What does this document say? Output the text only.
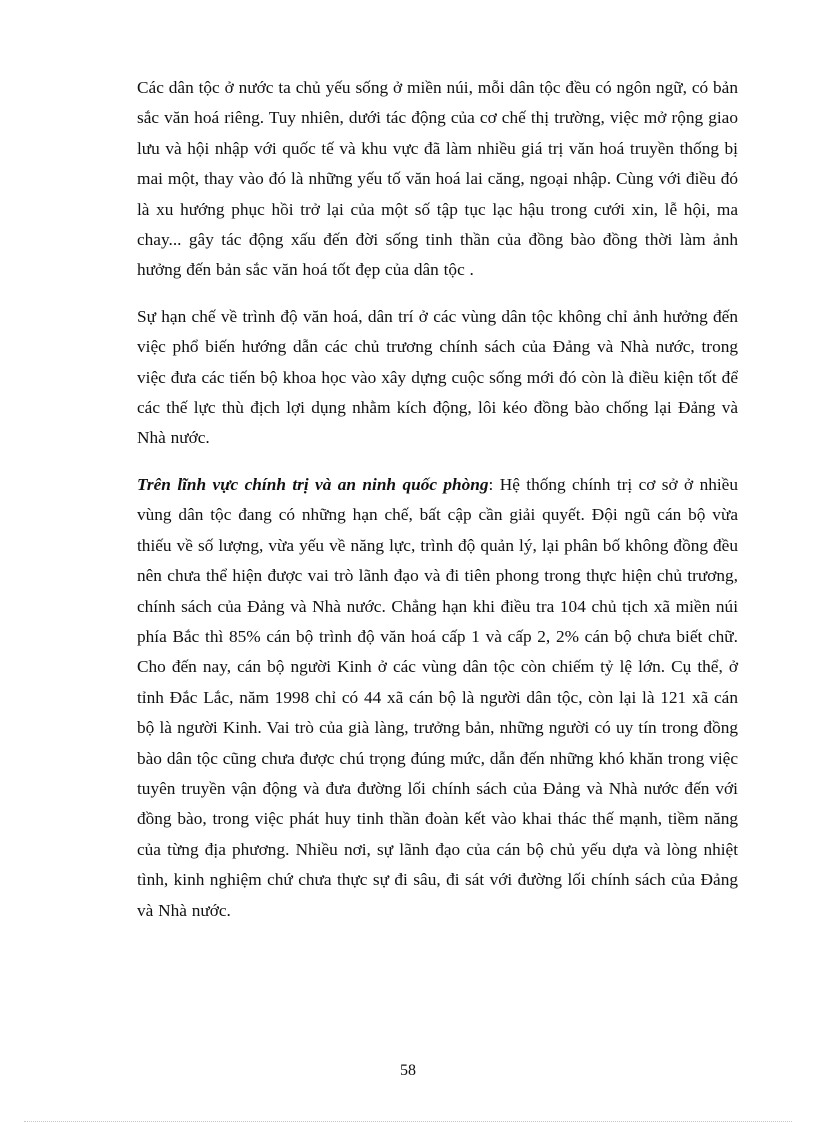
Các dân tộc ở nước ta chủ yếu sống ở miền núi, mỗi dân tộc đều có ngôn ngữ, có bản sắc văn hoá riêng. Tuy nhiên, dưới tác động của cơ chế thị trường, việc mở rộng giao lưu và hội nhập với quốc tế và khu vực đã làm nhiều giá trị văn hoá truyền thống bị mai một, thay vào đó là những yếu tố văn hoá lai căng, ngoại nhập. Cùng với điều đó là xu hướng phục hồi trở lại của một số tập tục lạc hậu trong cưới xin, lễ hội, ma chay... gây tác động xấu đến đời sống tinh thần của đồng bào đồng thời làm ảnh hưởng đến bản sắc văn hoá tốt đẹp của dân tộc .

Sự hạn chế về trình độ văn hoá, dân trí ở các vùng dân tộc không chỉ ảnh hưởng đến việc phổ biến hướng dẫn các chủ trương chính sách của Đảng và Nhà nước, trong việc đưa các tiến bộ khoa học vào xây dựng cuộc sống mới đó còn là điều kiện tốt để các thế lực thù địch lợi dụng nhằm kích động, lôi kéo đồng bào chống lại Đảng và Nhà nước.

Trên lĩnh vực chính trị và an ninh quốc phòng: Hệ thống chính trị cơ sở ở nhiều vùng dân tộc đang có những hạn chế, bất cập cần giải quyết. Đội ngũ cán bộ vừa thiếu về số lượng, vừa yếu về năng lực, trình độ quản lý, lại phân bố không đồng đều nên chưa thể hiện được vai trò lãnh đạo và đi tiên phong trong thực hiện chủ trương, chính sách của Đảng và Nhà nước. Chẳng hạn khi điều tra 104 chủ tịch xã miền núi phía Bắc thì 85% cán bộ trình độ văn hoá cấp 1 và cấp 2, 2% cán bộ chưa biết chữ. Cho đến nay, cán bộ người Kinh ở các vùng dân tộc còn chiếm tỷ lệ lớn. Cụ thể, ở tỉnh Đắc Lắc, năm 1998 chỉ có 44 xã cán bộ là người dân tộc, còn lại là 121 xã cán bộ là người Kinh. Vai trò của già làng, trưởng bản, những người có uy tín trong đồng bào dân tộc cũng chưa được chú trọng đúng mức, dẫn đến những khó khăn trong việc tuyên truyền vận động và đưa đường lối chính sách của Đảng và Nhà nước đến với đồng bào, trong việc phát huy tinh thần đoàn kết vào khai thác thế mạnh, tiềm năng của từng địa phương. Nhiều nơi, sự lãnh đạo của cán bộ chủ yếu dựa và lòng nhiệt tình, kinh nghiệm chứ chưa thực sự đi sâu, đi sát với đường lối chính sách của Đảng và Nhà nước.

58
